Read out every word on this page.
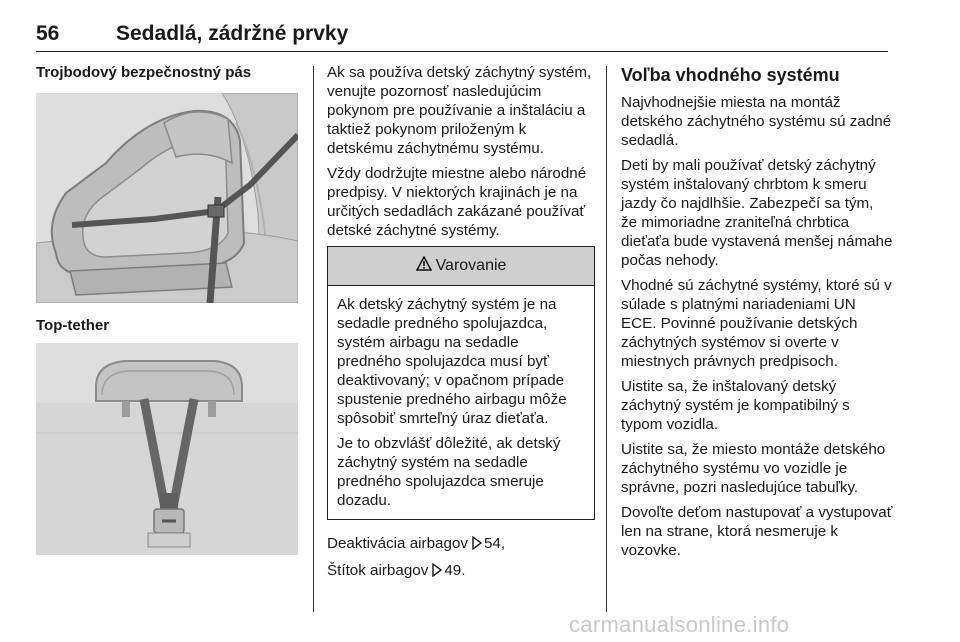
56	Sedadlá, zádržné prvky
Trojbodový bezpečnostný pás
Top-tether

Ak sa používa detský záchytný systém, venujte pozornosť nasledujúcim pokynom pre používanie a inštaláciu a taktiež pokynom priloženým k detskému záchytnému systému.

Vždy dodržujte miestne alebo národné predpisy. V niektorých krajinách je na určitých sedadlách zakázané používať detské záchytné systémy.

Varovanie

Ak detský záchytný systém je na sedadle predného spolujazdca, systém airbagu na sedadle predného spolujazdca musí byť deaktivovaný; v opačnom prípade spustenie predného airbagu môže spôsobiť smrteľný úraz dieťaťa.

Je to obzvlášť dôležité, ak detský záchytný systém na sedadle predného spolujazdca smeruje dozadu.

Deaktivácia airbagov 54,

Štítok airbagov 49.

Voľba vhodného systému

Najvhodnejšie miesta na montáž detského záchytného systému sú zadné sedadlá.

Deti by mali používať detský záchytný systém inštalovaný chrbtom k smeru jazdy čo najdlhšie. Zabezpečí sa tým, že mimoriadne zraniteľná chrbtica dieťaťa bude vystavená menšej námahe počas nehody.

Vhodné sú záchytné systémy, ktoré sú v súlade s platnými nariadeniami UN ECE. Povinné používanie detských záchytných systémov si overte v miestnych právnych predpisoch.

Uistite sa, že inštalovaný detský záchytný systém je kompatibilný s typom vozidla.

Uistite sa, že miesto montáže detského záchytného systému vo vozidle je správne, pozri nasledujúce tabuľky.

Dovoľte deťom nastupovať a vystupovať len na strane, ktorá nesmeruje k vozovke.

carmanualsonline.info
